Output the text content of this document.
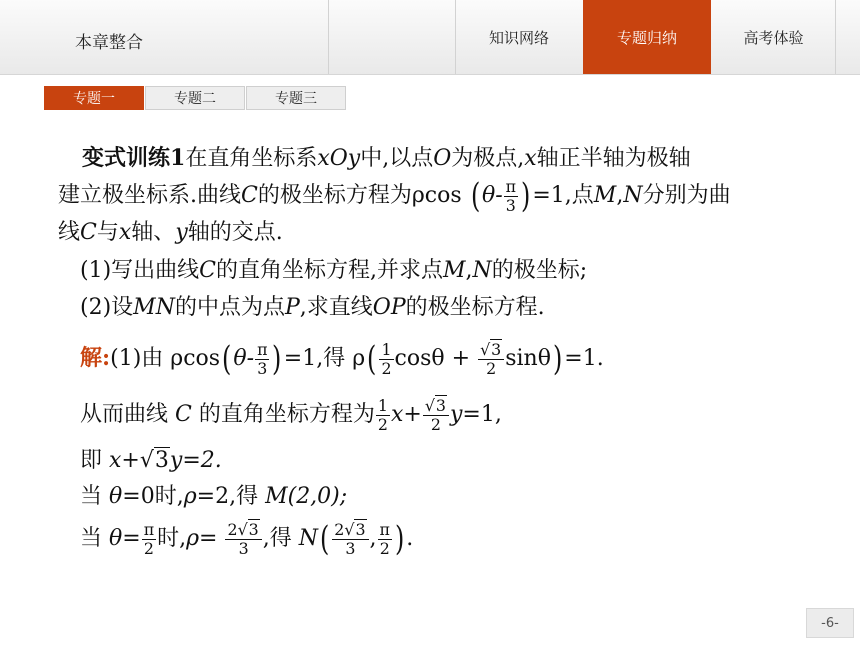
本章整合	知识网络	专题归纳	高考体验
专题一	专题二	专题三
变式训练1在直角坐标系xOy中,以点O为极点,x轴正半轴为极轴
建立极坐标系.曲线C的极坐标方程为ρcos $(\theta- \frac{\pi}{3} )=1$,点M,N分别为曲
线C与x轴、y轴的交点.
(1)写出曲线C的直角坐标方程,并求点M,N的极坐标;
(2)设MN的中点为点P,求直线OP的极坐标方程.
解:(1)由 $\rho\cos(\theta- \frac{\pi}{3} )=1$,得 $\rho( \frac{1}{2}$ $\cos\theta + \frac{√3}{2} \sin\theta)=1$.
从而曲线 C 的直角坐标方程为 $\frac{1}{2} x+ \frac{√3}{2} y=1$,
即 x+√3y=2.
当 θ=0时,ρ=2,得 M(2,0);
当 $\theta= \frac{\pi}{2}$ 时$,\rho= \frac{2√3}{3}$ ,得 $N( \frac{2√3}{3}$ , $\frac{\pi}{2}$ ).
-6-
